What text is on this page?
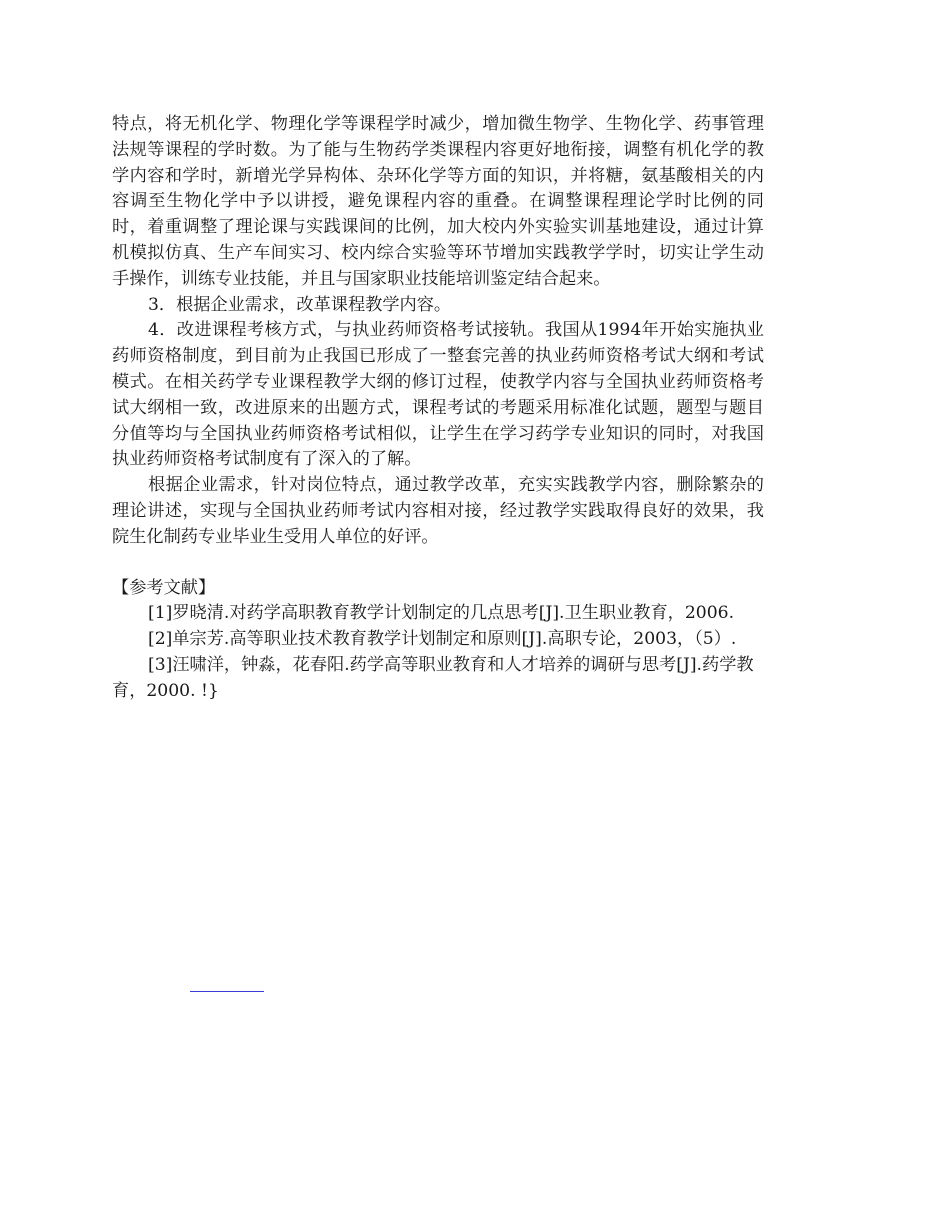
特点，将无机化学、物理化学等课程学时减少，增加微生物学、生物化学、药事管理法规等课程的学时数。为了能与生物药学类课程内容更好地衔接，调整有机化学的教学内容和学时，新增光学异构体、杂环化学等方面的知识，并将糖，氨基酸相关的内容调至生物化学中予以讲授，避免课程内容的重叠。在调整课程理论学时比例的同时，着重调整了理论课与实践课间的比例，加大校内外实验实训基地建设，通过计算机模拟仿真、生产车间实习、校内综合实验等环节增加实践教学学时，切实让学生动手操作，训练专业技能，并且与国家职业技能培训鉴定结合起来。

3．根据企业需求，改革课程教学内容。

4．改进课程考核方式，与执业药师资格考试接轨。我国从1994年开始实施执业药师资格制度，到目前为止我国已形成了一整套完善的执业药师资格考试大纲和考试模式。在相关药学专业课程教学大纲的修订过程，使教学内容与全国执业药师资格考试大纲相一致，改进原来的出题方式，课程考试的考题采用标准化试题，题型与题目分值等均与全国执业药师资格考试相似，让学生在学习药学专业知识的同时，对我国执业药师资格考试制度有了深入的了解。

根据企业需求，针对岗位特点，通过教学改革，充实实践教学内容，删除繁杂的理论讲述，实现与全国执业药师考试内容相对接，经过教学实践取得良好的效果，我院生化制药专业毕业生受用人单位的好评。

【参考文献】

[1]罗晓清.对药学高职教育教学计划制定的几点思考[J].卫生职业教育，2006.

[2]单宗芳.高等职业技术教育教学计划制定和原则[J].高职专论，2003，（5）.

[3]汪啸洋，钟淼，花春阳.药学高等职业教育和人才培养的调研与思考[J].药学教育，2000. !}
